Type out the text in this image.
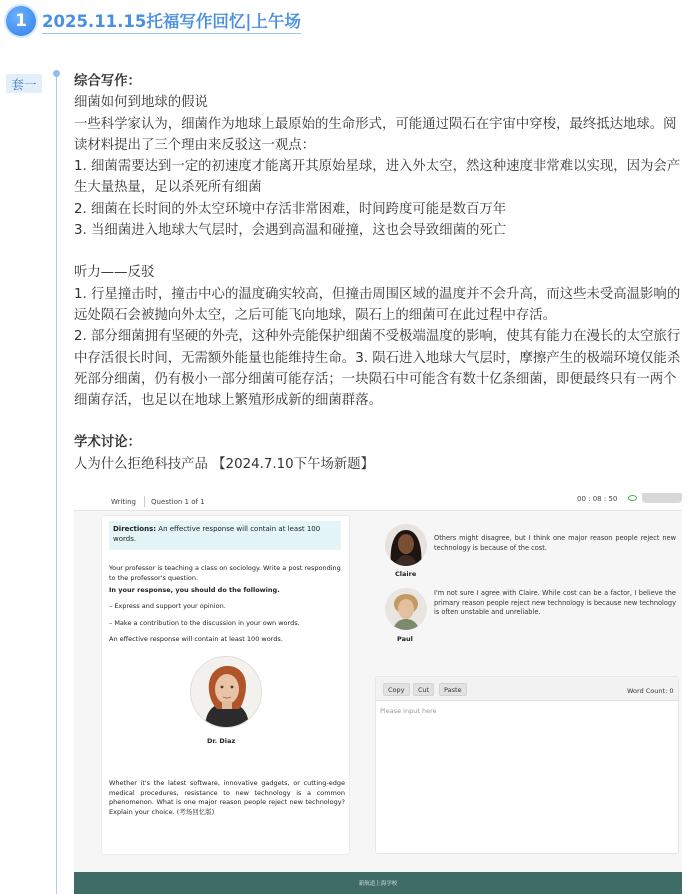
1 2025.11.15托福写作回忆|上午场
套一	综合写作：

细菌如何到地球的假说

一些科学家认为，细菌作为地球上最原始的生命形式，可能通过陨石在宇宙中穿梭，最终抵达地球。阅读材料提出了三个理由来反驳这一观点：

1. 细菌需要达到一定的初速度才能离开其原始星球，进入外太空，然这种速度非常难以实现，因为会产生大量热量，足以杀死所有细菌

2. 细菌在长时间的外太空环境中存活非常困难，时间跨度可能是数百万年

3. 当细菌进入地球大气层时，会遇到高温和碰撞，这也会导致细菌的死亡

听力——反驳

1. 行星撞击时，撞击中心的温度确实较高，但撞击周围区域的温度并不会升高，而这些未受高温影响的远处陨石会被抛向外太空，之后可能飞向地球，陨石上的细菌可在此过程中存活。

2. 部分细菌拥有坚硬的外壳，这种外壳能保护细菌不受极端温度的影响，使其有能力在漫长的太空旅行中存活很长时间，无需额外能量也能维持生命。3. 陨石进入地球大气层时，摩擦产生的极端环境仅能杀死部分细菌，仍有极小一部分细菌可能存活；一块陨石中可能含有数十亿条细菌，即便最终只有一两个细菌存活，也足以在地球上繁殖形成新的细菌群落。

学术讨论：

人为什么拒绝科技产品 【2024.7.10下午场新题】

Writing Question 1 of 1	00 : 08 : 50
Directions: An effective response will contain at least 100 words.
Your professor is teaching a class on sociology. Write a post responding to the professor's question.
In your response, you should do the following.
– Express and support your opinion.
– Make a contribution to the discussion in your own words.
An effective response will contain at least 100 words.
Dr. Diaz
Whether it's the latest software, innovative gadgets, or cutting-edge medical procedures, resistance to new technology is a common phenomenon. What is one major reason people reject new technology? Explain your choice. (考场回忆版)
Claire
Others might disagree, but I think one major reason people reject new technology is because of the cost.
Paul
I'm not sure I agree with Claire. While cost can be a factor, I believe the primary reason people reject new technology is because new technology is often unstable and unreliable.
Copy	Cut	Paste	Word Count: 0
Please input here
新航道上海学校
